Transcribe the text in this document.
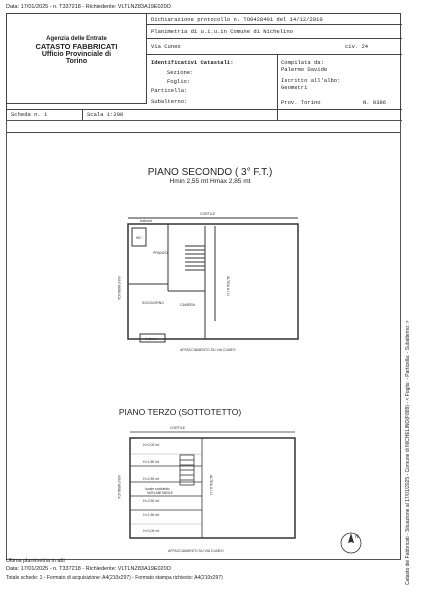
Data: 17/01/2025 - n. T337218 - Richiedente: VLTLNZ83A19E020O
Agenzia delle Entrate
CATASTO FABBRICATI
Ufficio Provinciale di
Torino
Dichiarazione protocollo n. TO0428401 del 14/12/2010
Planimetria di u.i.u.in Comune di Nichelino
Via Cuneo	civ. 24
Identificativi Catastali:
Sezione:
Foglio:
Particella:
Subalterno:
Compilata da:
Palermo Davide
Iscritto all'albo:
Geometri
Prov. Torino	N. 8386
Scheda n. 1	Scala 1:200
PIANO SECONDO ( 3° F.T.)
Hmin 2,55 mt Hmax 2,85 mt
CORTILE
balcone
WC
PRANZO
SOGGIORNO	CAMERA
balcone
AFFACCIAMENTO SU VIA CUNEO
ALTRA U.I.U.
VIA PUBBLICA
PIANO TERZO (SOTTOTETTO)
CORTILE
H=0,00 mt
H=1,50 mt
H=2,50 mt
locale sottotetto
NON ABITABILE
H=2,50 mt
H=1,50 mt
H=0,00 mt
AFFACCIAMENTO SU VIA CUNEO
VIA PUBBLICA	ALTRA U.I.U.
N	Catasto dei Fabbricati - Situazione al 17/01/2025 - Comune di NICHELINO(F889) - < Foglio: - Particella: - Subalterno: >
Ultima planimetria in atti
Data: 17/01/2025 - n. T337218 - Richiedente: VLTLNZ83A19E020O
Totale schede: 1 - Formato di acquisizione: A4(210x297) - Formato stampa richiesto: A4(210x297)
